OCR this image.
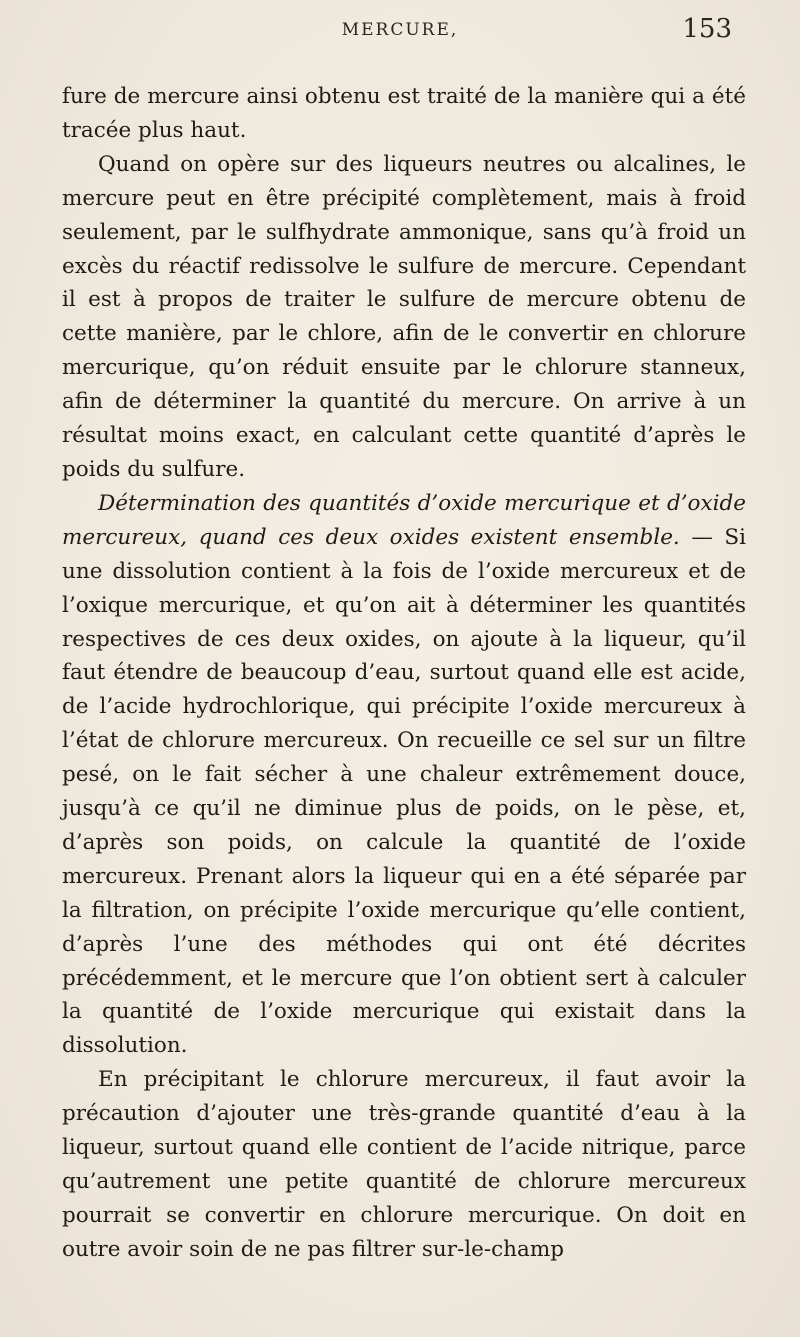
MERCURE,	153

fure de mercure ainsi obtenu est traité de la manière qui a été tracée plus haut.

Quand on opère sur des liqueurs neutres ou alcalines, le mercure peut en être précipité complètement, mais à froid seulement, par le sulfhydrate ammonique, sans qu’à froid un excès du réactif redissolve le sulfure de mercure. Cependant il est à propos de traiter le sulfure de mercure obtenu de cette manière, par le chlore, afin de le convertir en chlorure mercurique, qu’on réduit ensuite par le chlorure stanneux, afin de déterminer la quantité du mercure. On arrive à un résultat moins exact, en calculant cette quantité d’après le poids du sulfure.

Détermination des quantités d’oxide mercurique et d’oxide mercureux, quand ces deux oxides existent ensemble. — Si une dissolution contient à la fois de l’oxide mercureux et de l’oxique mercurique, et qu’on ait à déterminer les quantités respectives de ces deux oxides, on ajoute à la liqueur, qu’il faut étendre de beaucoup d’eau, surtout quand elle est acide, de l’acide hydrochlorique, qui précipite l’oxide mercureux à l’état de chlorure mercureux. On recueille ce sel sur un filtre pesé, on le fait sécher à une chaleur extrêmement douce, jusqu’à ce qu’il ne diminue plus de poids, on le pèse, et, d’après son poids, on calcule la quantité de l’oxide mercureux. Prenant alors la liqueur qui en a été séparée par la filtration, on précipite l’oxide mercurique qu’elle contient, d’après l’une des méthodes qui ont été décrites précédemment, et le mercure que l’on obtient sert à calculer la quantité de l’oxide mercurique qui existait dans la dissolution.

En précipitant le chlorure mercureux, il faut avoir la précaution d’ajouter une très-grande quantité d’eau à la liqueur, surtout quand elle contient de l’acide nitrique, parce qu’autrement une petite quantité de chlorure mercureux pourrait se convertir en chlorure mercurique. On doit en outre avoir soin de ne pas filtrer sur-le-champ
